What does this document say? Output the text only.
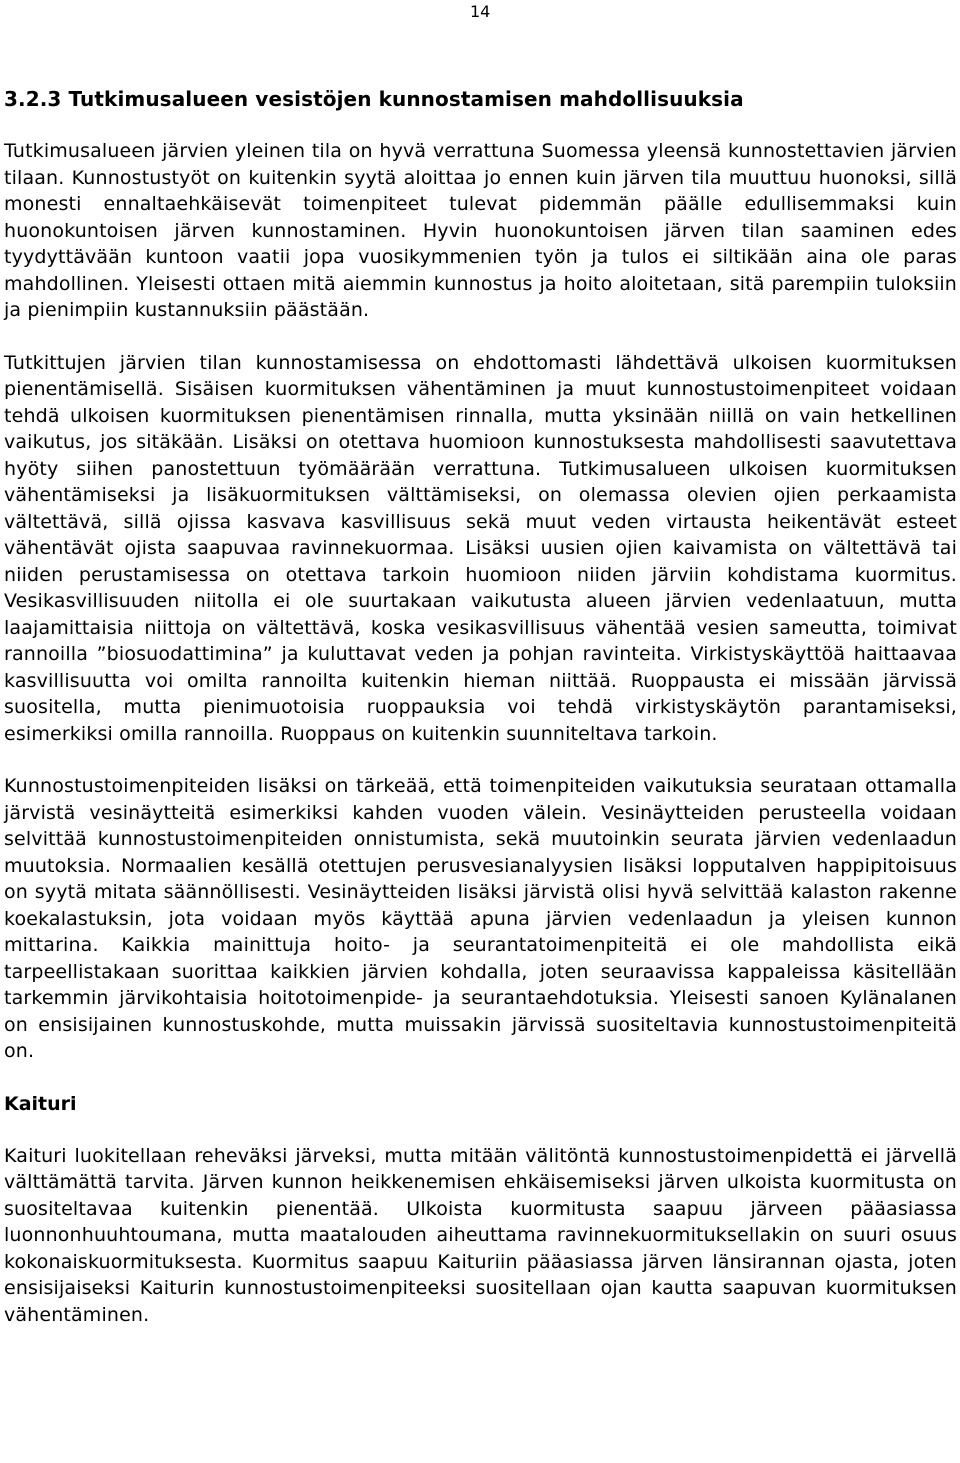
14
3.2.3 Tutkimusalueen vesistöjen kunnostamisen mahdollisuuksia

Tutkimusalueen järvien yleinen tila on hyvä verrattuna Suomessa yleensä kunnostettavien järvien tilaan. Kunnostustyöt on kuitenkin syytä aloittaa jo ennen kuin järven tila muuttuu huonoksi, sillä monesti ennaltaehkäisevät toimenpiteet tulevat pidemmän päälle edullisemmaksi kuin huonokuntoisen järven kunnostaminen. Hyvin huonokuntoisen järven tilan saaminen edes tyydyttävään kuntoon vaatii jopa vuosikymmenien työn ja tulos ei siltikään aina ole paras mahdollinen. Yleisesti ottaen mitä aiemmin kunnostus ja hoito aloitetaan, sitä parempiin tuloksiin ja pienimpiin kustannuksiin päästään.

Tutkittujen järvien tilan kunnostamisessa on ehdottomasti lähdettävä ulkoisen kuormituksen pienentämisellä. Sisäisen kuormituksen vähentäminen ja muut kunnostustoimenpiteet voidaan tehdä ulkoisen kuormituksen pienentämisen rinnalla, mutta yksinään niillä on vain hetkellinen vaikutus, jos sitäkään. Lisäksi on otettava huomioon kunnostuksesta mahdollisesti saavutettava hyöty siihen panostettuun työmäärään verrattuna. Tutkimusalueen ulkoisen kuormituksen vähentämiseksi ja lisäkuormituksen välttämiseksi, on olemassa olevien ojien perkaamista vältettävä, sillä ojissa kasvava kasvillisuus sekä muut veden virtausta heikentävät esteet vähentävät ojista saapuvaa ravinnekuormaa. Lisäksi uusien ojien kaivamista on vältettävä tai niiden perustamisessa on otettava tarkoin huomioon niiden järviin kohdistama kuormitus. Vesikasvillisuuden niitolla ei ole suurtakaan vaikutusta alueen järvien vedenlaatuun, mutta laajamittaisia niittoja on vältettävä, koska vesikasvillisuus vähentää vesien sameutta, toimivat rannoilla ”biosuodattimina” ja kuluttavat veden ja pohjan ravinteita. Virkistyskäyttöä haittaavaa kasvillisuutta voi omilta rannoilta kuitenkin hieman niittää. Ruoppausta ei missään järvissä suositella, mutta pienimuotoisia ruoppauksia voi tehdä virkistyskäytön parantamiseksi, esimerkiksi omilla rannoilla. Ruoppaus on kuitenkin suunniteltava tarkoin.

Kunnostustoimenpiteiden lisäksi on tärkeää, että toimenpiteiden vaikutuksia seurataan ottamalla järvistä vesinäytteitä esimerkiksi kahden vuoden välein. Vesinäytteiden perusteella voidaan selvittää kunnostustoimenpiteiden onnistumista, sekä muutoinkin seurata järvien vedenlaadun muutoksia. Normaalien kesällä otettujen perusvesianalyysien lisäksi lopputalven happipitoisuus on syytä mitata säännöllisesti. Vesinäytteiden lisäksi järvistä olisi hyvä selvittää kalaston rakenne koekalastuksin, jota voidaan myös käyttää apuna järvien vedenlaadun ja yleisen kunnon mittarina. Kaikkia mainittuja hoito- ja seurantatoimenpiteitä ei ole mahdollista eikä tarpeellistakaan suorittaa kaikkien järvien kohdalla, joten seuraavissa kappaleissa käsitellään tarkemmin järvikohtaisia hoitotoimenpide- ja seurantaehdotuksia. Yleisesti sanoen Kylänalanen on ensisijainen kunnostuskohde, mutta muissakin järvissä suositeltavia kunnostustoimenpiteitä on.

Kaituri

Kaituri luokitellaan reheväksi järveksi, mutta mitään välitöntä kunnostustoimenpidettä ei järvellä välttämättä tarvita. Järven kunnon heikkenemisen ehkäisemiseksi järven ulkoista kuormitusta on suositeltavaa kuitenkin pienentää. Ulkoista kuormitusta saapuu järveen pääasiassa luonnonhuuhtoumana, mutta maatalouden aiheuttama ravinnekuormituksellakin on suuri osuus kokonaiskuormituksesta. Kuormitus saapuu Kaituriin pääasiassa järven länsirannan ojasta, joten ensisijaiseksi Kaiturin kunnostustoimenpiteeksi suositellaan ojan kautta saapuvan kuormituksen vähentäminen.
